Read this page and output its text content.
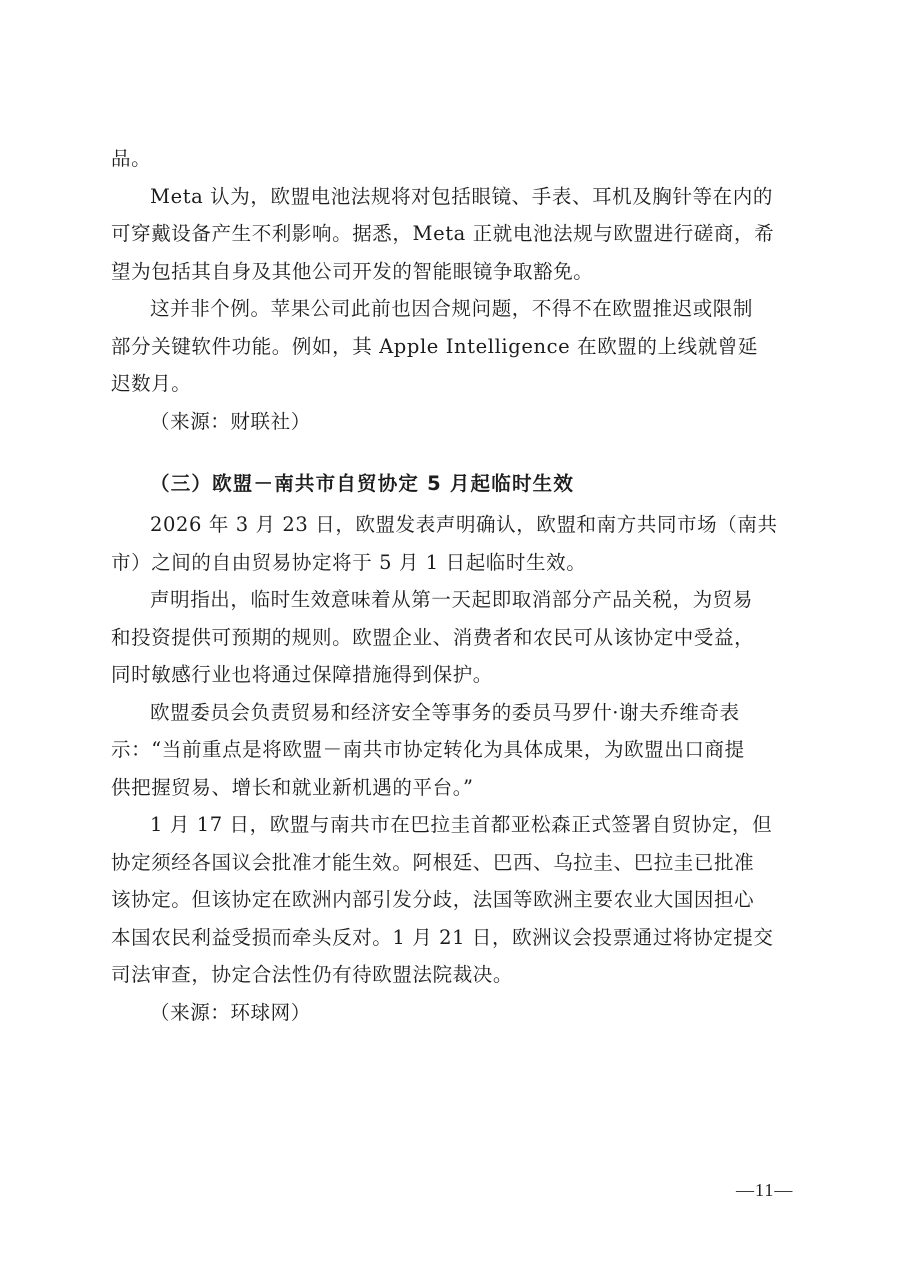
品。
Meta 认为，欧盟电池法规将对包括眼镜、手表、耳机及胸针等在内的
可穿戴设备产生不利影响。据悉，Meta 正就电池法规与欧盟进行磋商，希
望为包括其自身及其他公司开发的智能眼镜争取豁免。
这并非个例。苹果公司此前也因合规问题，不得不在欧盟推迟或限制
部分关键软件功能。例如，其 Apple Intelligence 在欧盟的上线就曾延
迟数月。
（来源：财联社）
（三）欧盟－南共市自贸协定 5 月起临时生效
2026 年 3 月 23 日，欧盟发表声明确认，欧盟和南方共同市场（南共
市）之间的自由贸易协定将于 5 月 1 日起临时生效。
声明指出，临时生效意味着从第一天起即取消部分产品关税，为贸易
和投资提供可预期的规则。欧盟企业、消费者和农民可从该协定中受益，
同时敏感行业也将通过保障措施得到保护。
欧盟委员会负责贸易和经济安全等事务的委员马罗什·谢夫乔维奇表
示：“当前重点是将欧盟－南共市协定转化为具体成果，为欧盟出口商提
供把握贸易、增长和就业新机遇的平台。”
1 月 17 日，欧盟与南共市在巴拉圭首都亚松森正式签署自贸协定，但
协定须经各国议会批准才能生效。阿根廷、巴西、乌拉圭、巴拉圭已批准
该协定。但该协定在欧洲内部引发分歧，法国等欧洲主要农业大国因担心
本国农民利益受损而牵头反对。1 月 21 日，欧洲议会投票通过将协定提交
司法审查，协定合法性仍有待欧盟法院裁决。
（来源：环球网）
—11—
